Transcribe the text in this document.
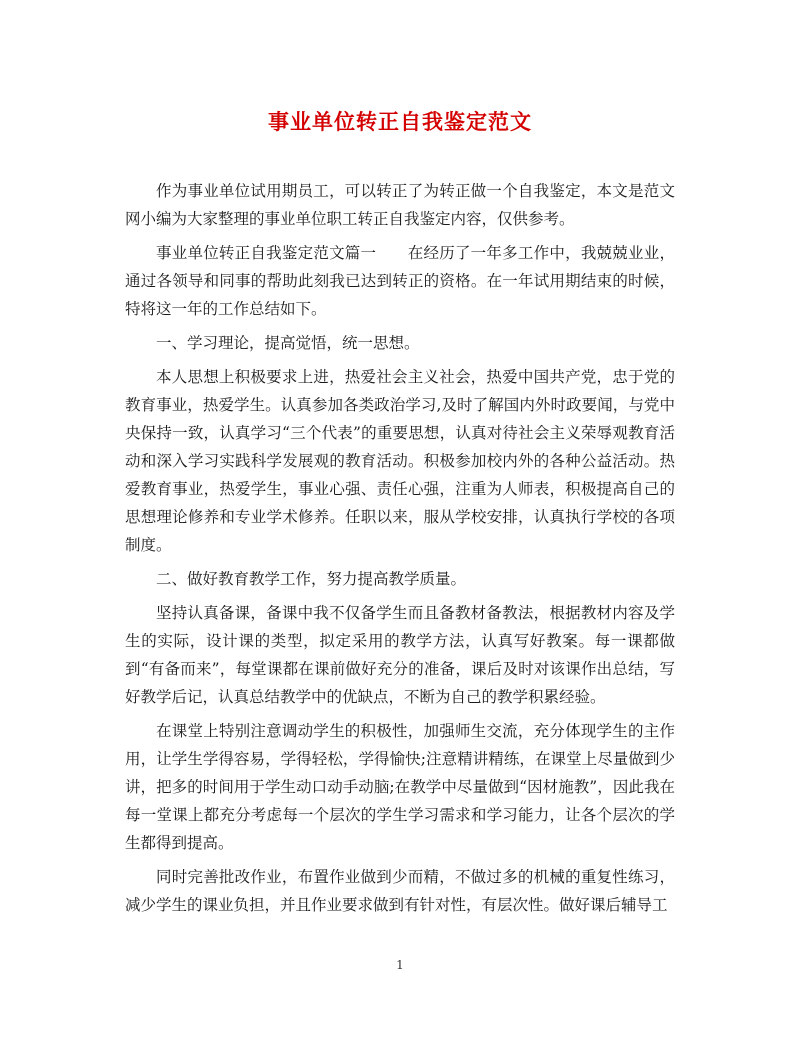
事业单位转正自我鉴定范文

作为事业单位试用期员工，可以转正了为转正做一个自我鉴定，本文是范文网小编为大家整理的事业单位职工转正自我鉴定内容，仅供参考。

事业单位转正自我鉴定范文篇一　　在经历了一年多工作中，我兢兢业业，通过各领导和同事的帮助此刻我已达到转正的资格。在一年试用期结束的时候，特将这一年的工作总结如下。

一、学习理论，提高觉悟，统一思想。

本人思想上积极要求上进，热爱社会主义社会，热爱中国共产党，忠于党的教育事业，热爱学生。认真参加各类政治学习,及时了解国内外时政要闻，与党中央保持一致，认真学习“三个代表”的重要思想，认真对待社会主义荣辱观教育活动和深入学习实践科学发展观的教育活动。积极参加校内外的各种公益活动。热爱教育事业，热爱学生，事业心强、责任心强，注重为人师表，积极提高自己的思想理论修养和专业学术修养。任职以来，服从学校安排，认真执行学校的各项制度。

二、做好教育教学工作，努力提高教学质量。

坚持认真备课，备课中我不仅备学生而且备教材备教法，根据教材内容及学生的实际，设计课的类型，拟定采用的教学方法，认真写好教案。每一课都做到“有备而来”，每堂课都在课前做好充分的准备，课后及时对该课作出总结，写好教学后记，认真总结教学中的优缺点，不断为自己的教学积累经验。

在课堂上特别注意调动学生的积极性，加强师生交流，充分体现学生的主作用，让学生学得容易，学得轻松，学得愉快;注意精讲精练，在课堂上尽量做到少讲，把多的时间用于学生动口动手动脑;在教学中尽量做到“因材施教”，因此我在每一堂课上都充分考虑每一个层次的学生学习需求和学习能力，让各个层次的学生都得到提高。

同时完善批改作业，布置作业做到少而精，不做过多的机械的重复性练习，减少学生的课业负担，并且作业要求做到有针对性，有层次性。做好课后辅导工

1
